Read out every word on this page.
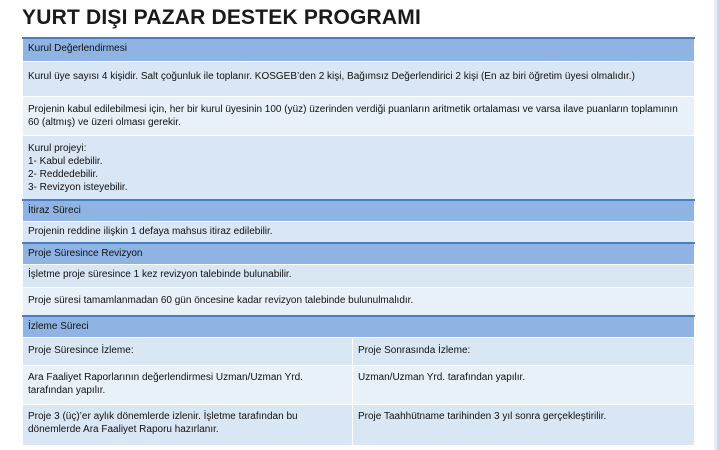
YURT DIŞI PAZAR DESTEK PROGRAMI
Kurul Değerlendirmesi	
Kurul üye sayısı 4 kişidir. Salt çoğunluk ile toplanır. KOSGEB’den 2 kişi, Bağımsız Değerlendirici 2 kişi (En az biri öğretim üyesi olmalıdır.)	
Projenin kabul edilebilmesi için, her bir kurul üyesinin 100 (yüz) üzerinden verdiği puanların aritmetik ortalaması ve varsa ilave puanların toplamının 60 (altmış) ve üzeri olması gerekir.	
Kurul projeyi:
1- Kabul edebilir.
2- Reddedebilir.
3- Revizyon isteyebilir.	
İtiraz Süreci	
Projenin reddine ilişkin 1 defaya mahsus itiraz edilebilir.	
Proje Süresince Revizyon	
İşletme proje süresince 1 kez revizyon talebinde bulunabilir.	
Proje süresi tamamlanmadan 60 gün öncesine kadar revizyon talebinde bulunulmalıdır.	
İzleme Süreci	
Proje Süresince İzleme:	Proje Sonrasında İzleme:
Ara Faaliyet Raporlarının değerlendirmesi Uzman/Uzman Yrd. tarafından yapılır.	Uzman/Uzman Yrd. tarafından yapılır.
Proje 3 (üç)’er aylık dönemlerde izlenir. İşletme tarafından bu dönemlerde Ara Faaliyet Raporu hazırlanır.	Proje Taahhütname tarihinden 3 yıl sonra gerçekleştirilir.
